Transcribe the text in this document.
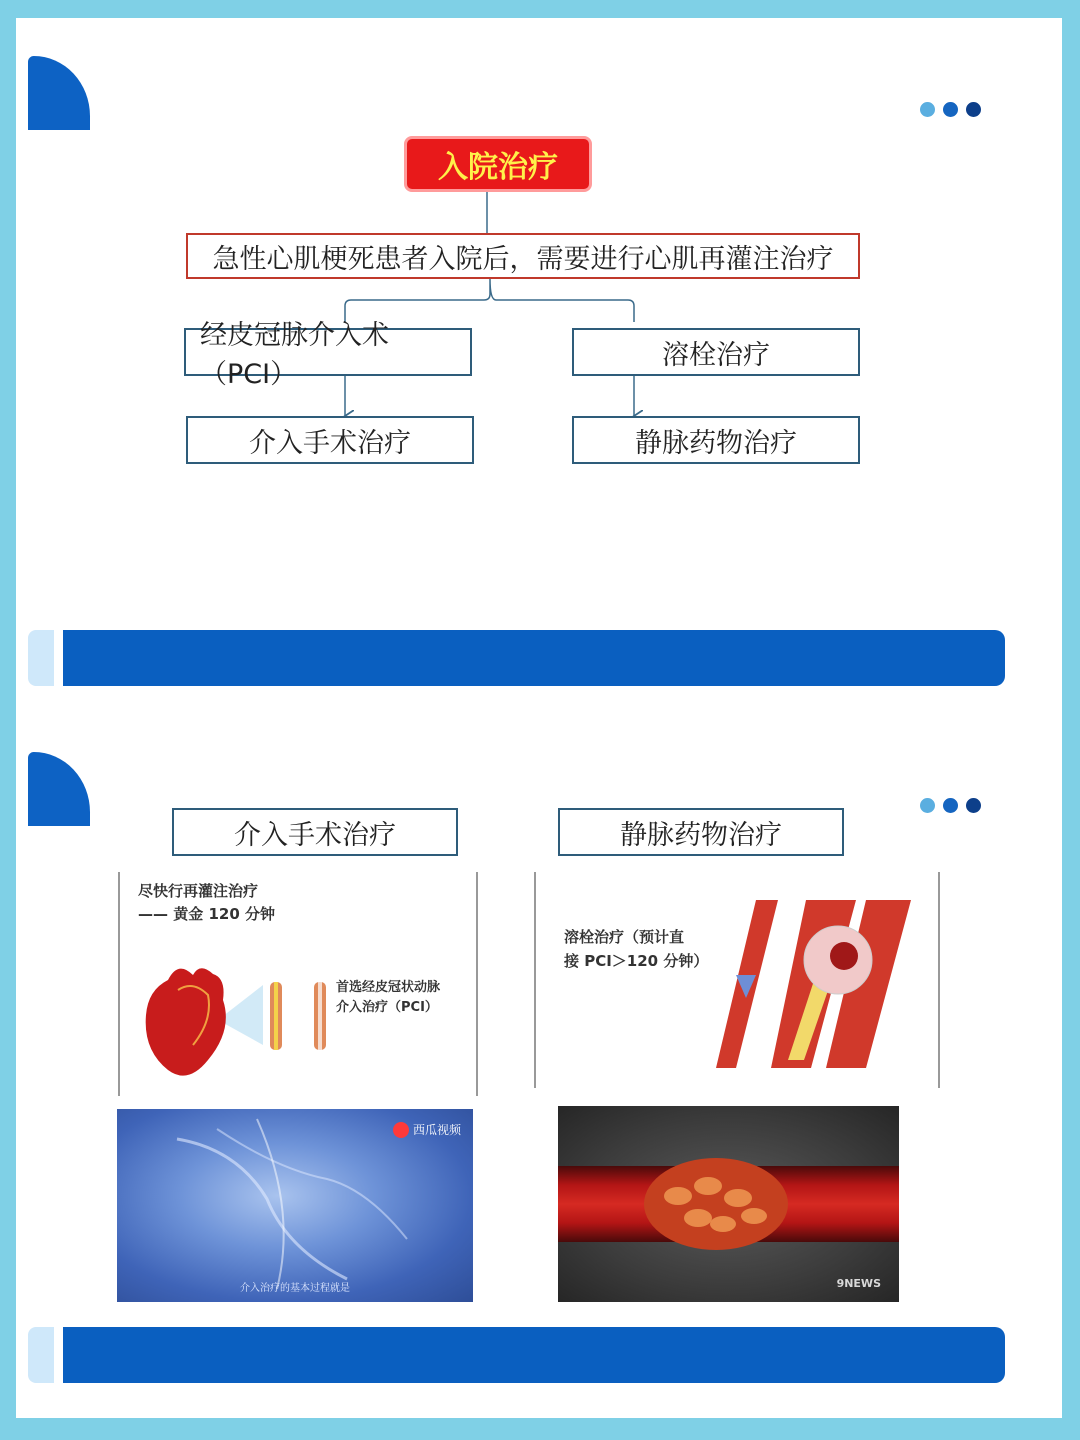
入院治疗
急性心肌梗死患者入院后，需要进行心肌再灌注治疗
经皮冠脉介入术（PCI）
溶栓治疗
介入手术治疗	静脉药物治疗
介入手术治疗	静脉药物治疗
尽快行再灌注治疗
—— 黄金 120 分钟
首选经皮冠状动脉
介入治疗（PCI）
溶栓治疗（预计直
接 PCI＞120 分钟）
西瓜视频
介入治疗的基本过程就是	9NEWS
